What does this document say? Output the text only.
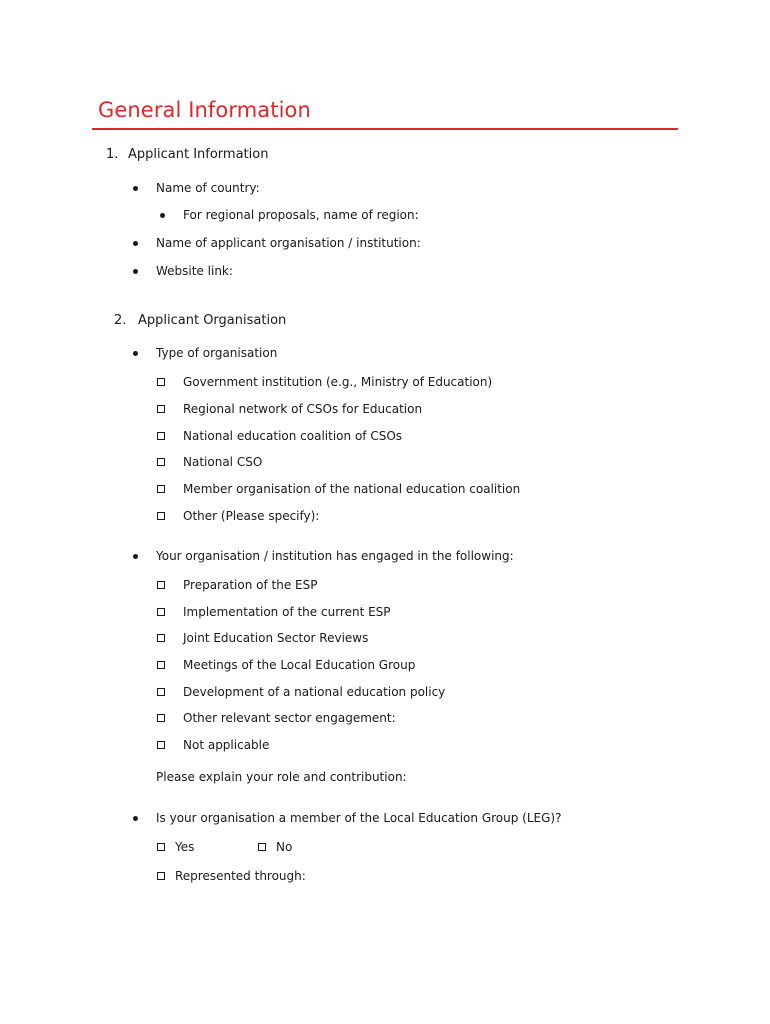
General Information
1. Applicant Information
Name of country:
For regional proposals, name of region:
Name of applicant organisation / institution:
Website link:
2. Applicant Organisation
Type of organisation
Government institution (e.g., Ministry of Education)
Regional network of CSOs for Education
National education coalition of CSOs
National CSO
Member organisation of the national education coalition
Other (Please specify):
Your organisation / institution has engaged in the following:
Preparation of the ESP
Implementation of the current ESP
Joint Education Sector Reviews
Meetings of the Local Education Group
Development of a national education policy
Other relevant sector engagement:
Not applicable
Please explain your role and contribution:
Is your organisation a member of the Local Education Group (LEG)?
Yes	No
Represented through:
